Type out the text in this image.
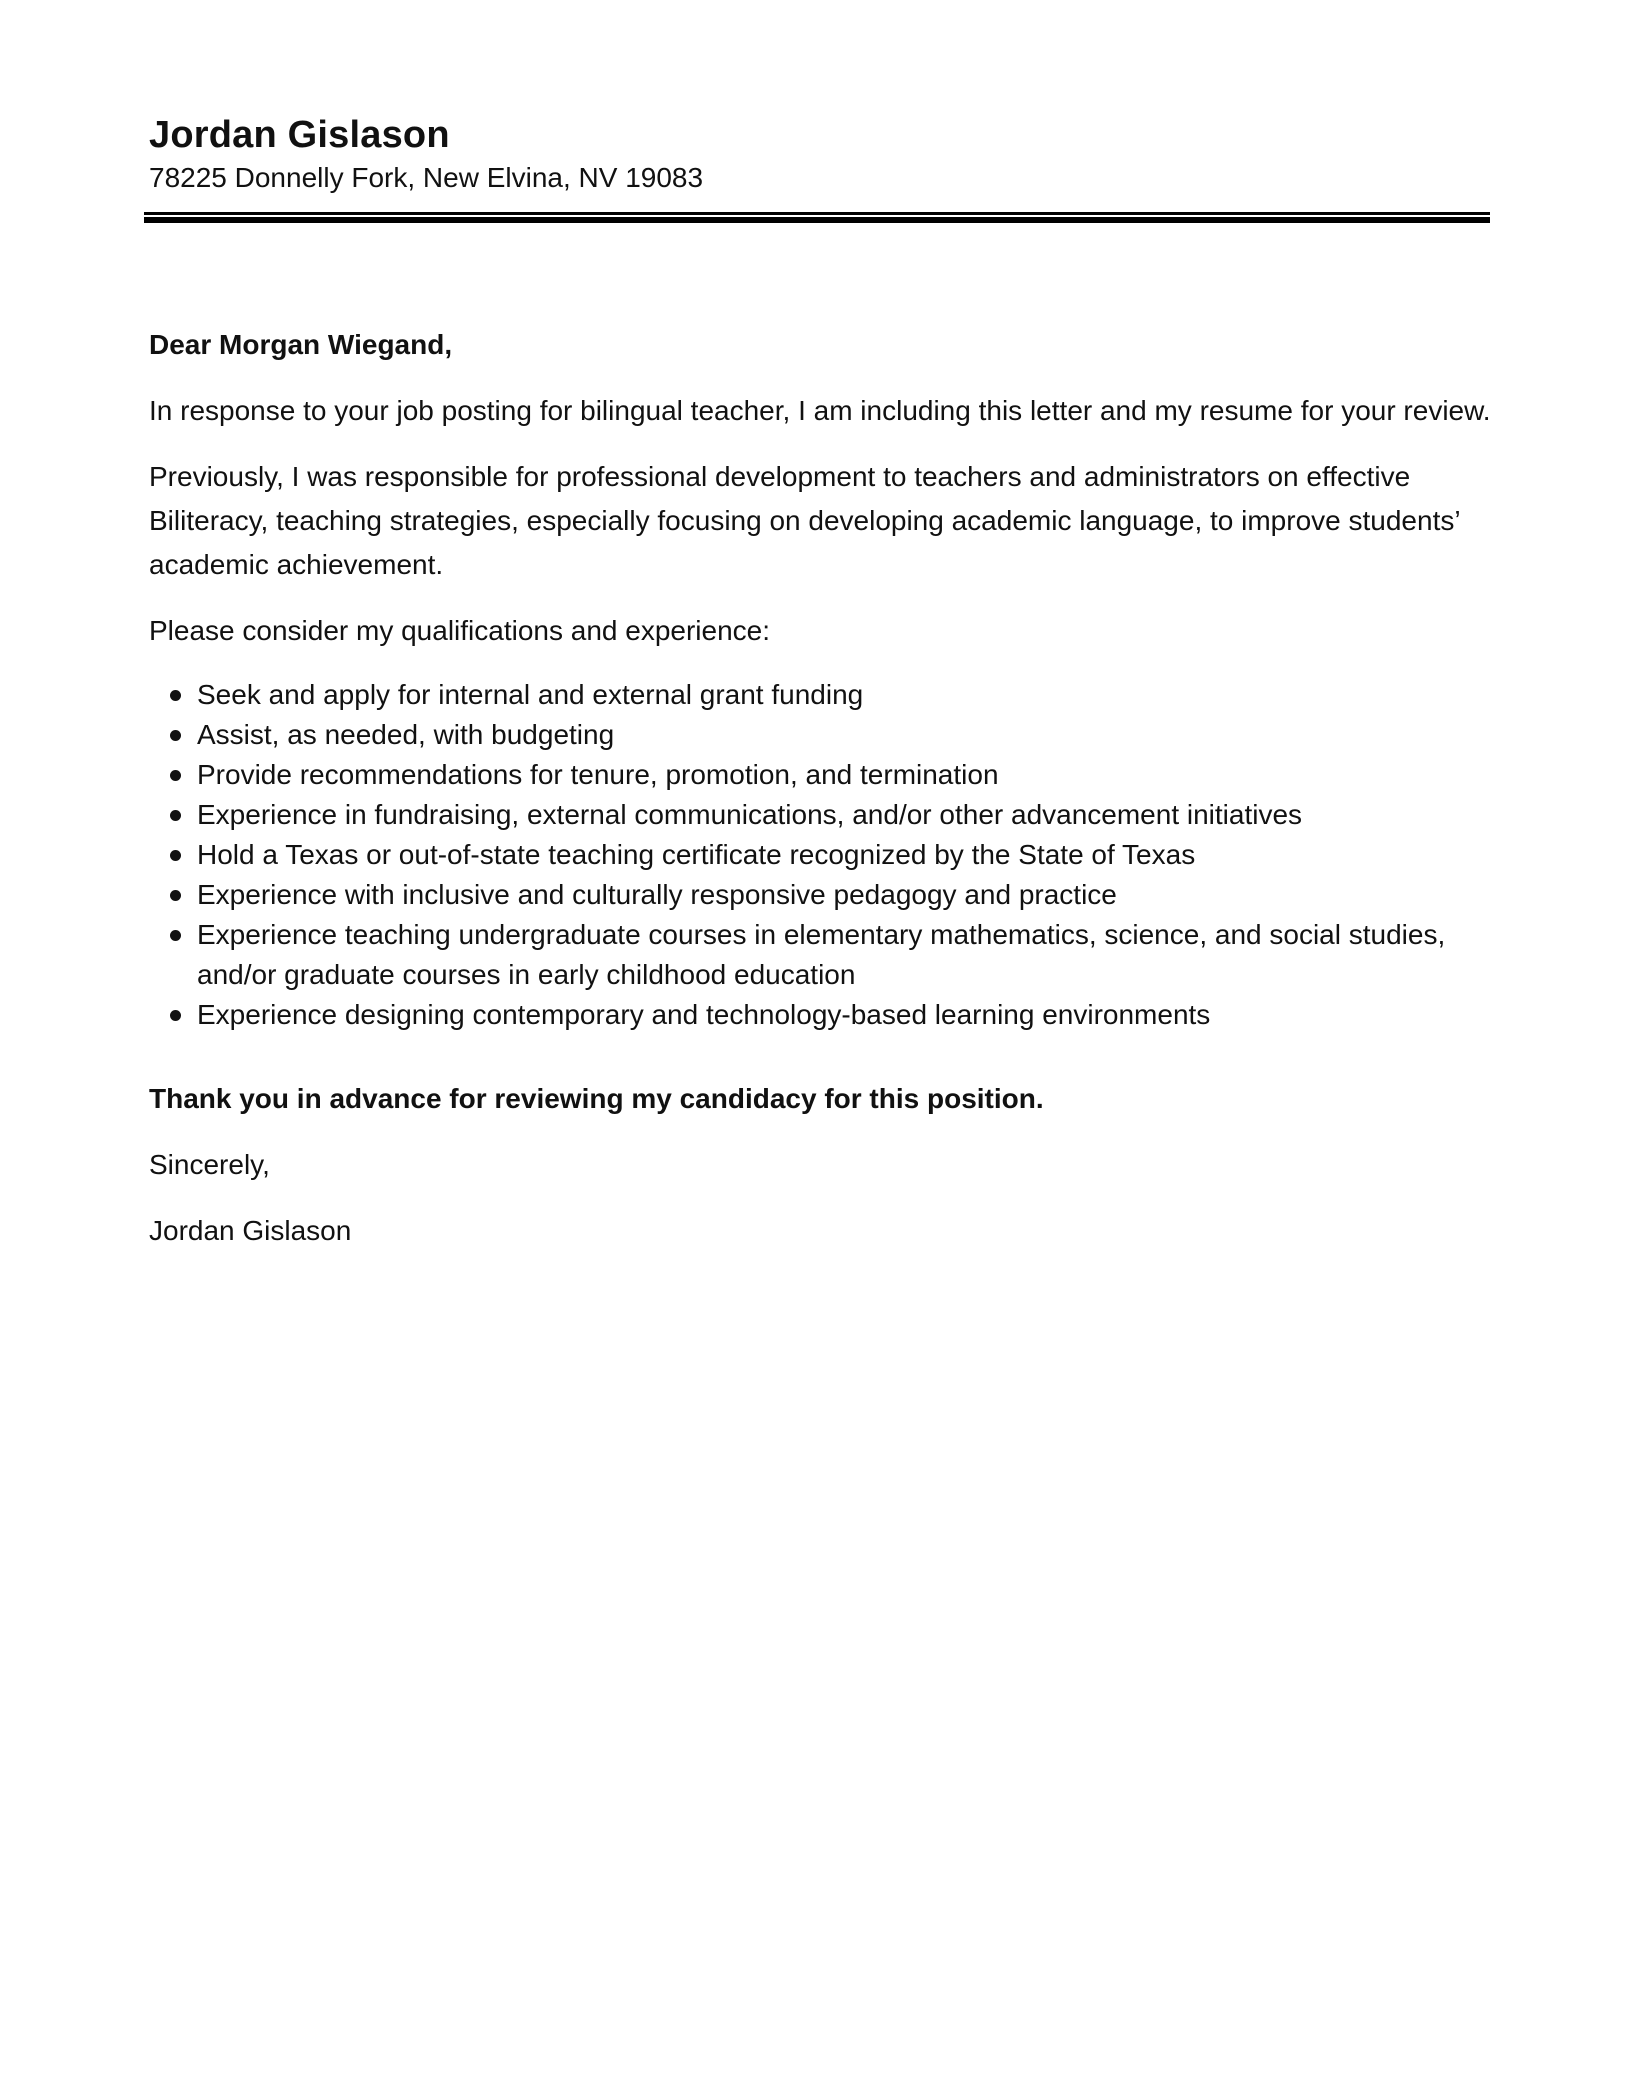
Jordan Gislason

78225 Donnelly Fork, New Elvina, NV 19083

Dear Morgan Wiegand,

In response to your job posting for bilingual teacher, I am including this letter and my resume for your review.

Previously, I was responsible for professional development to teachers and administrators on effective Biliteracy, teaching strategies, especially focusing on developing academic language, to improve students’ academic achievement.

Please consider my qualifications and experience:

Seek and apply for internal and external grant funding
Assist, as needed, with budgeting
Provide recommendations for tenure, promotion, and termination
Experience in fundraising, external communications, and/or other advancement initiatives
Hold a Texas or out-of-state teaching certificate recognized by the State of Texas
Experience with inclusive and culturally responsive pedagogy and practice
Experience teaching undergraduate courses in elementary mathematics, science, and social studies, and/or graduate courses in early childhood education
Experience designing contemporary and technology-based learning environments

Thank you in advance for reviewing my candidacy for this position.

Sincerely,

Jordan Gislason
